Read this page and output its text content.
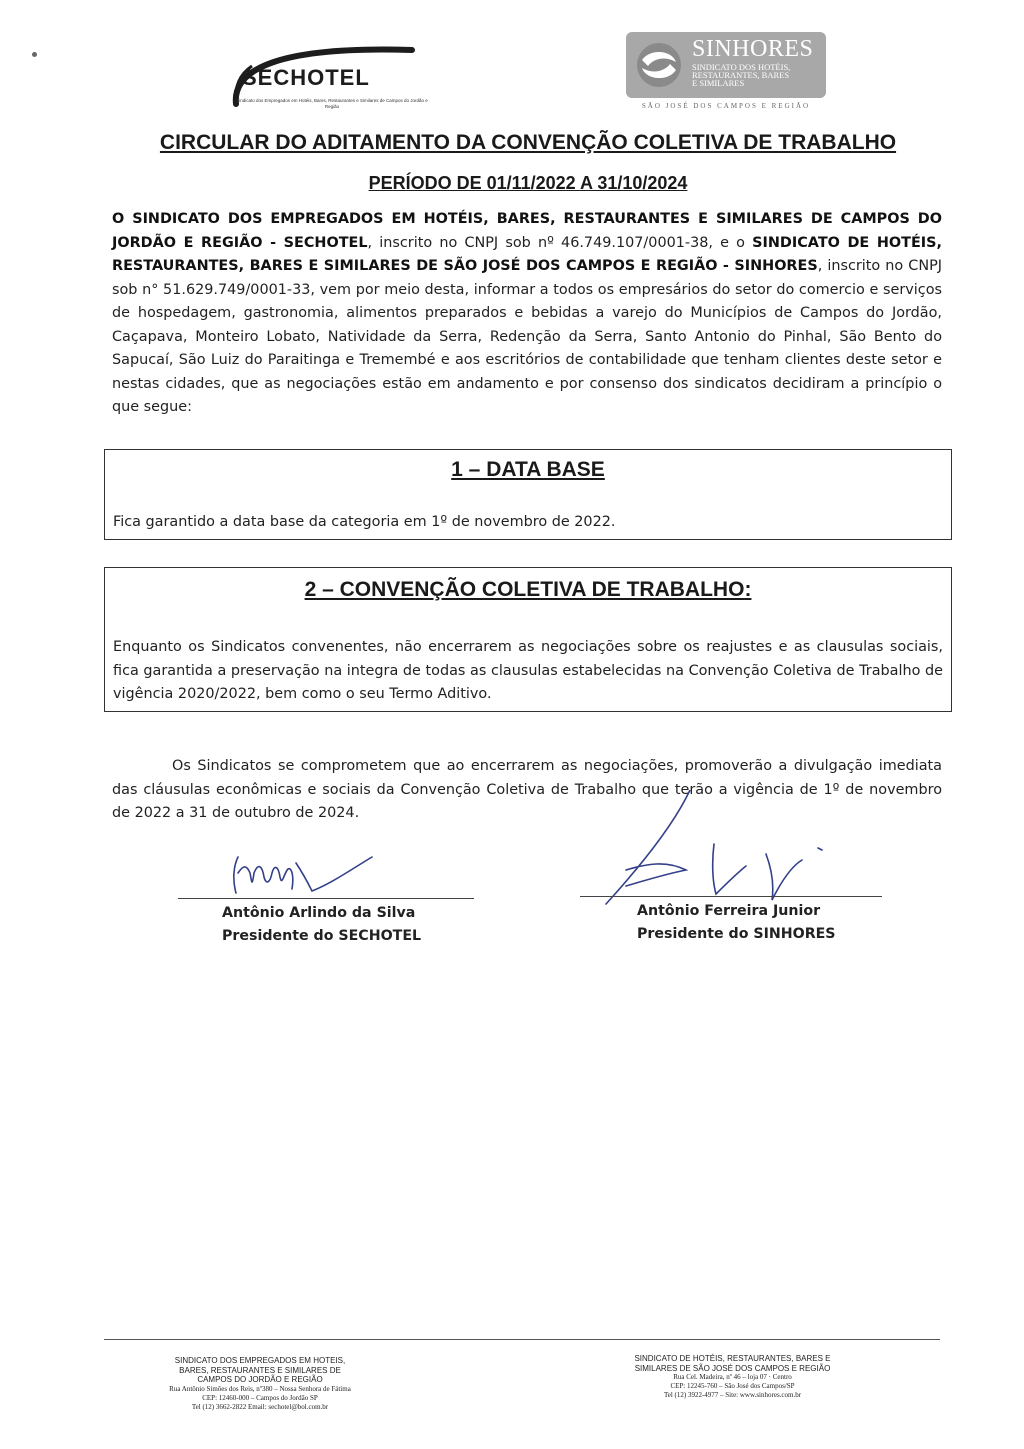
SECHOTEL
Sindicato dos Empregados em Hotéis, Bares, Restaurantes e Similares de Campos do Jordão e Região
SINHORES
SINDICATO DOS HOTÉIS,
RESTAURANTES, BARES
E SIMILARES
SÃO JOSÉ DOS CAMPOS E REGIÃO
CIRCULAR DO ADITAMENTO DA CONVENÇÃO COLETIVA DE TRABALHO
PERÍODO DE 01/11/2022 A 31/10/2024
O SINDICATO DOS EMPREGADOS EM HOTÉIS, BARES, RESTAURANTES E SIMILARES DE CAMPOS DO JORDÃO E REGIÃO - SECHOTEL, inscrito no CNPJ sob nº 46.749.107/0001-38, e o SINDICATO DE HOTÉIS, RESTAURANTES, BARES E SIMILARES DE SÃO JOSÉ DOS CAMPOS E REGIÃO - SINHORES, inscrito no CNPJ sob n° 51.629.749/0001-33, vem por meio desta, informar a todos os empresários do setor do comercio e serviços de hospedagem, gastronomia, alimentos preparados e bebidas a varejo do Municípios de Campos do Jordão, Caçapava, Monteiro Lobato, Natividade da Serra, Redenção da Serra, Santo Antonio do Pinhal, São Bento do Sapucaí, São Luiz do Paraitinga e Tremembé e aos escritórios de contabilidade que tenham clientes deste setor e nestas cidades, que as negociações estão em andamento e por consenso dos sindicatos decidiram a princípio o que segue:
1 – DATA BASE
Fica garantido a data base da categoria em 1º de novembro de 2022.
2 – CONVENÇÃO COLETIVA DE TRABALHO:
Enquanto os Sindicatos convenentes, não encerrarem as negociações sobre os reajustes e as clausulas sociais, fica garantida a preservação na integra de todas as clausulas estabelecidas na Convenção Coletiva de Trabalho de vigência 2020/2022, bem como o seu Termo Aditivo.
Os Sindicatos se comprometem que ao encerrarem as negociações, promoverão a divulgação imediata das cláusulas econômicas e sociais da Convenção Coletiva de Trabalho que terão a vigência de 1º de novembro de 2022 a 31 de outubro de 2024.
Antônio Arlindo da Silva
Presidente do SECHOTEL
Antônio Ferreira Junior
Presidente do SINHORES
SINDICATO DOS EMPREGADOS EM HOTEIS,
BARES, RESTAURANTES E SIMILARES DE
CAMPOS DO JORDÃO E REGIÃO
Rua Antônio Simões dos Reis, nº380 – Nossa Senhora de Fátima
CEP: 12460-000 – Campos do Jordão SP
Tel (12) 3662-2822 Email: sechotel@bol.com.br
SINDICATO DE HOTÉIS, RESTAURANTES, BARES E
SIMILARES DE SÃO JOSÉ DOS CAMPOS E REGIÃO
Rua Cel. Madeira, nº 46 – loja 07 · Centro
CEP: 12245-760 – São José dos Campos/SP
Tel (12) 3922-4977 – Site: www.sinhores.com.br
